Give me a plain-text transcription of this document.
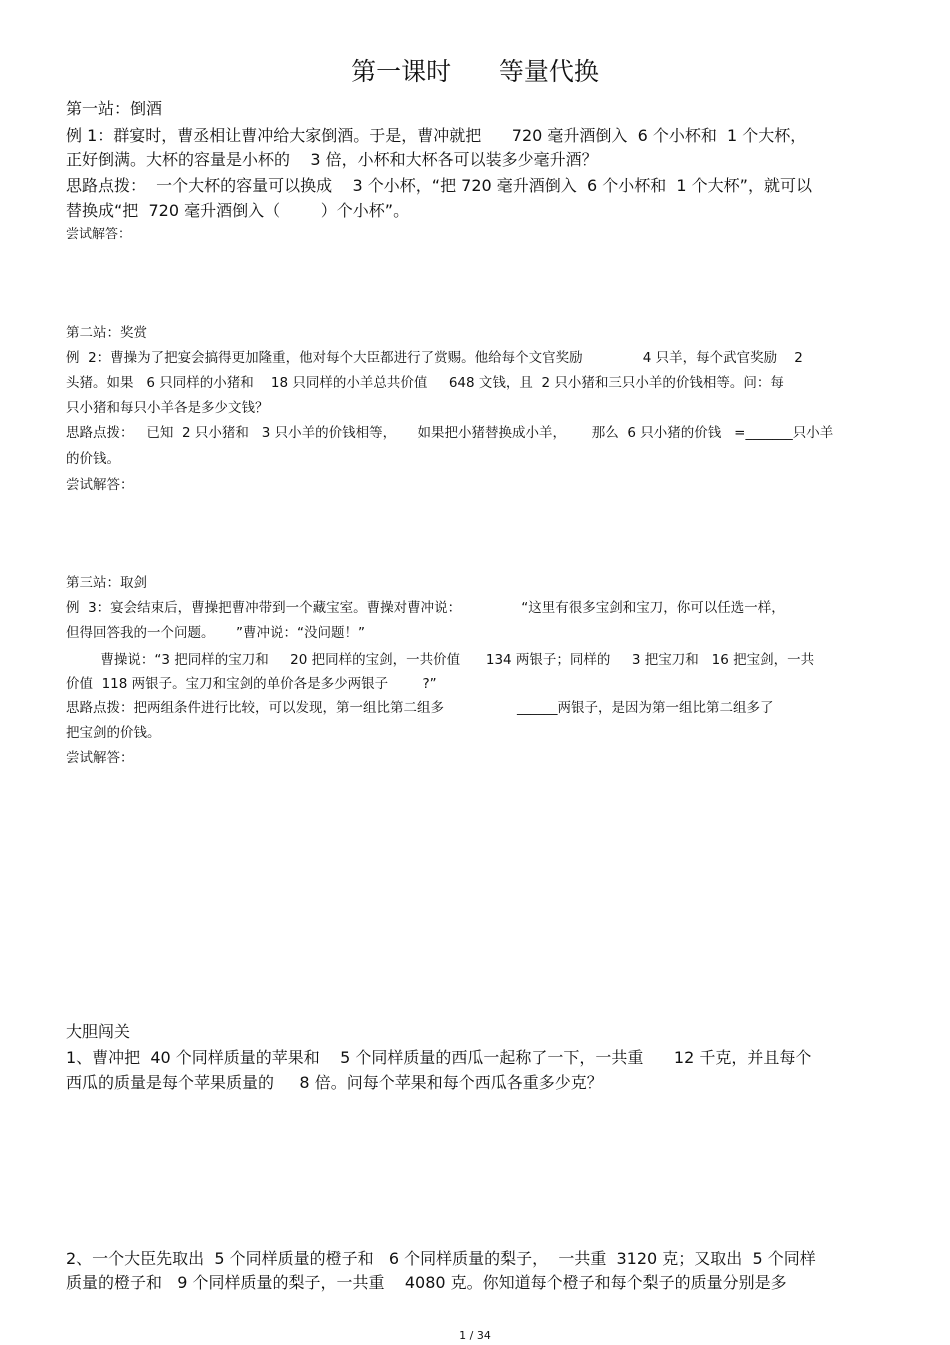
第一课时      等量代换
第一站：倒酒
例 1：群宴时，曹丞相让曹冲给大家倒酒。于是，曹冲就把      720 毫升酒倒入  6 个小杯和  1 个大杯，
正好倒满。大杯的容量是小杯的    3 倍，小杯和大杯各可以装多少毫升酒？
思路点拨：  一个大杯的容量可以换成    3 个小杯，“把 720 毫升酒倒入  6 个小杯和  1 个大杯”，就可以
替换成“把  720 毫升酒倒入（        ）个小杯”。
尝试解答：
第二站：奖赏
例  2：曹操为了把宴会搞得更加隆重，他对每个大臣都进行了赏赐。他给每个文官奖励              4 只羊，每个武官奖励    2
头猪。如果   6 只同样的小猪和    18 只同样的小羊总共价值     648 文钱，且  2 只小猪和三只小羊的价钱相等。问：每
只小猪和每只小羊各是多少文钱？
思路点拨：   已知  2 只小猪和   3 只小羊的价钱相等，     如果把小猪替换成小羊，      那么  6 只小猪的价钱   =_______只小羊
的价钱。
尝试解答：
第三站：取剑
例  3：宴会结束后，曹操把曹冲带到一个藏宝室。曹操对曹冲说：              “这里有很多宝剑和宝刀，你可以任选一样，
但得回答我的一个问题。     ”曹冲说：“没问题！”
曹操说：“3 把同样的宝刀和     20 把同样的宝剑，一共价值      134 两银子；同样的     3 把宝刀和   16 把宝剑，一共
价值  118 两银子。宝刀和宝剑的单价各是多少两银子        ?”
思路点拨：把两组条件进行比较，可以发现，第一组比第二组多                 ______两银子，是因为第一组比第二组多了
把宝剑的价钱。
尝试解答：
大胆闯关
1、曹冲把  40 个同样质量的苹果和    5 个同样质量的西瓜一起称了一下，一共重      12 千克，并且每个
西瓜的质量是每个苹果质量的     8 倍。问每个苹果和每个西瓜各重多少克？
2、一个大臣先取出  5 个同样质量的橙子和   6 个同样质量的梨子，  一共重  3120 克；又取出  5 个同样
质量的橙子和   9 个同样质量的梨子，一共重    4080 克。你知道每个橙子和每个梨子的质量分别是多
1 / 34
